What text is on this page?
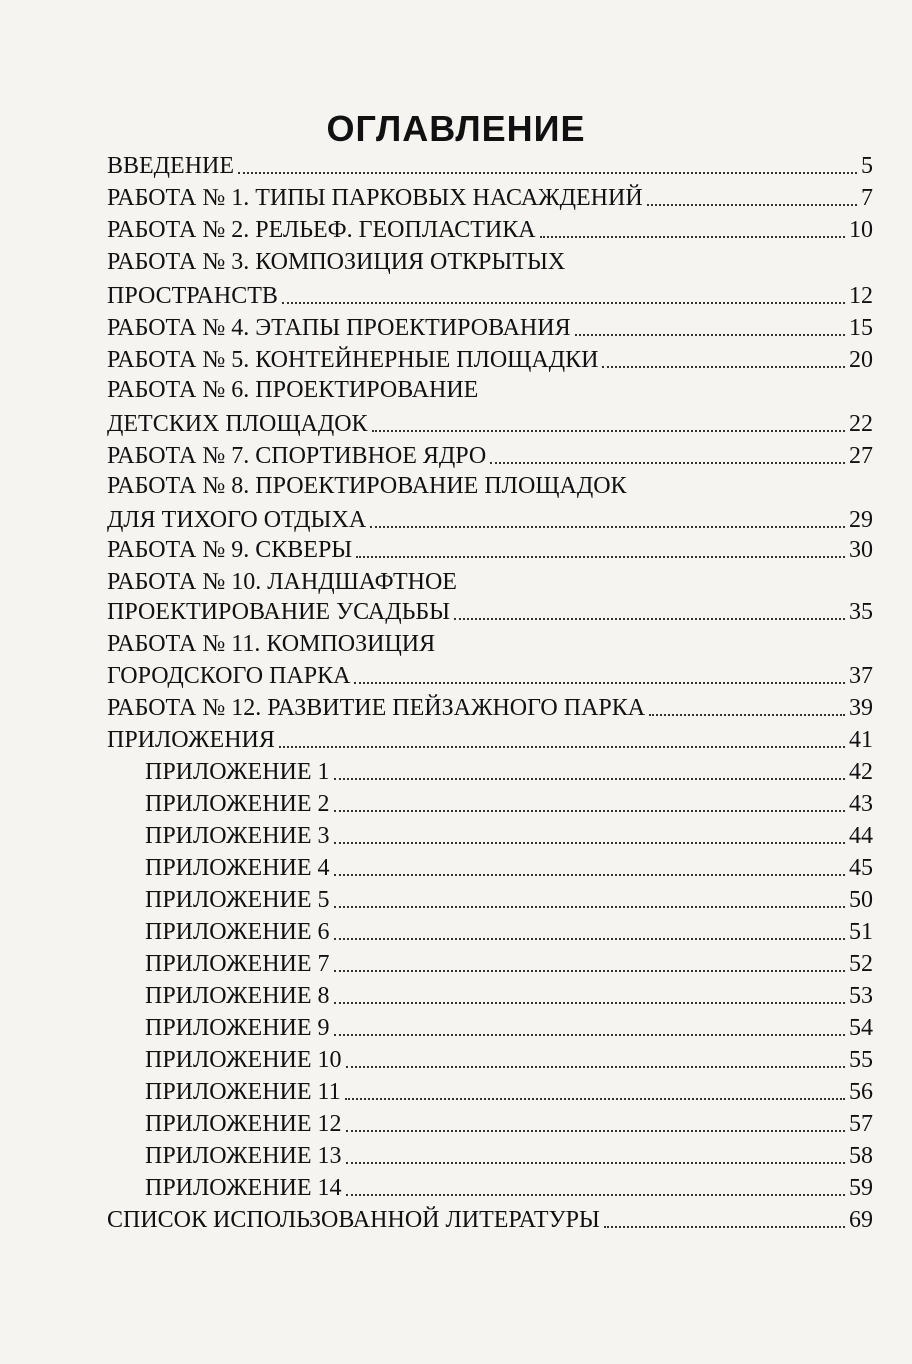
ОГЛАВЛЕНИЕ
ВВЕДЕНИЕ	5
РАБОТА № 1. ТИПЫ ПАРКОВЫХ НАСАЖДЕНИЙ	7
РАБОТА № 2. РЕЛЬЕФ. ГЕОПЛАСТИКА	10
РАБОТА № 3. КОМПОЗИЦИЯ ОТКРЫТЫХ
ПРОСТРАНСТВ	12
РАБОТА № 4. ЭТАПЫ ПРОЕКТИРОВАНИЯ	15
РАБОТА № 5. КОНТЕЙНЕРНЫЕ ПЛОЩАДКИ	20
РАБОТА № 6. ПРОЕКТИРОВАНИЕ
ДЕТСКИХ ПЛОЩАДОК	22
РАБОТА № 7. СПОРТИВНОЕ ЯДРО	27
РАБОТА № 8. ПРОЕКТИРОВАНИЕ ПЛОЩАДОК
ДЛЯ ТИХОГО ОТДЫХА	29
РАБОТА № 9. СКВЕРЫ	30
РАБОТА № 10. ЛАНДШАФТНОЕ
ПРОЕКТИРОВАНИЕ УСАДЬБЫ	35
РАБОТА № 11. КОМПОЗИЦИЯ
ГОРОДСКОГО ПАРКА	37
РАБОТА № 12. РАЗВИТИЕ ПЕЙЗАЖНОГО ПАРКА	39
ПРИЛОЖЕНИЯ	41
ПРИЛОЖЕНИЕ 1	42
ПРИЛОЖЕНИЕ 2	43
ПРИЛОЖЕНИЕ 3	44
ПРИЛОЖЕНИЕ 4	45
ПРИЛОЖЕНИЕ 5	50
ПРИЛОЖЕНИЕ 6	51
ПРИЛОЖЕНИЕ 7	52
ПРИЛОЖЕНИЕ 8	53
ПРИЛОЖЕНИЕ 9	54
ПРИЛОЖЕНИЕ 10	55
ПРИЛОЖЕНИЕ 11	56
ПРИЛОЖЕНИЕ 12	57
ПРИЛОЖЕНИЕ 13	58
ПРИЛОЖЕНИЕ 14	59
СПИСОК ИСПОЛЬЗОВАННОЙ ЛИТЕРАТУРЫ	69
